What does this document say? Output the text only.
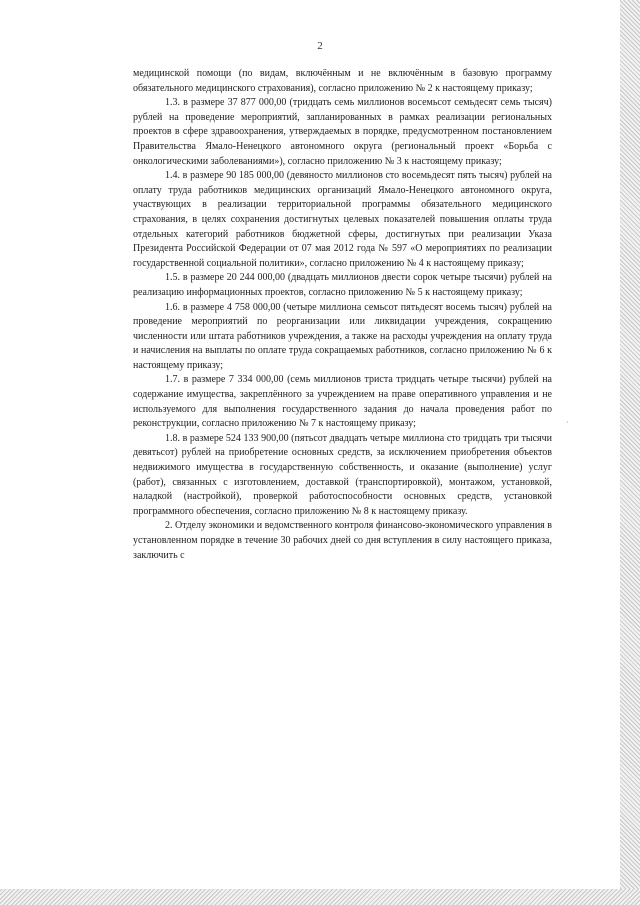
2

медицинской помощи (по видам, включённым и не включённым в базовую программу обязательного медицинского страхования), согласно приложению № 2 к настоящему приказу;

1.3. в размере 37 877 000,00 (тридцать семь миллионов восемьсот семьдесят семь тысяч) рублей на проведение мероприятий, запланированных в рамках реализации региональных проектов в сфере здравоохранения, утверждаемых в порядке, предусмотренном постановлением Правительства Ямало-Ненецкого автономного округа (региональный проект «Борьба с онкологическими заболеваниями»), согласно приложению № 3 к настоящему приказу;

1.4. в размере 90 185 000,00 (девяносто миллионов сто восемьдесят пять тысяч) рублей на оплату труда работников медицинских организаций Ямало-Ненецкого автономного округа, участвующих в реализации территориальной программы обязательного медицинского страхования, в целях сохранения достигнутых целевых показателей повышения оплаты труда отдельных категорий работников бюджетной сферы, достигнутых при реализации Указа Президента Российской Федерации от 07 мая 2012 года № 597 «О мероприятиях по реализации государственной социальной политики», согласно приложению № 4 к настоящему приказу;

1.5. в размере 20 244 000,00 (двадцать миллионов двести сорок четыре тысячи) рублей на реализацию информационных проектов, согласно приложению № 5 к настоящему приказу;

1.6. в размере 4 758 000,00 (четыре миллиона семьсот пятьдесят восемь тысяч) рублей на проведение мероприятий по реорганизации или ликвидации учреждения, сокращению численности или штата работников учреждения, а также на расходы учреждения на оплату труда и начисления на выплаты по оплате труда сокращаемых работников, согласно приложению № 6 к настоящему приказу;

1.7. в размере 7 334 000,00 (семь миллионов триста тридцать четыре тысячи) рублей на содержание имущества, закреплённого за учреждением на праве оперативного управления и не используемого для выполнения государственного задания до начала проведения работ по реконструкции, согласно приложению № 7 к настоящему приказу;

1.8. в размере 524 133 900,00 (пятьсот двадцать четыре миллиона сто тридцать три тысячи девятьсот) рублей на приобретение основных средств, за исключением приобретения объектов недвижимого имущества в государственную собственность, и оказание (выполнение) услуг (работ), связанных с изготовлением, доставкой (транспортировкой), монтажом, установкой, наладкой (настройкой), проверкой работоспособности основных средств, установкой программного обеспечения, согласно приложению № 8 к настоящему приказу.

2. Отделу экономики и ведомственного контроля финансово-экономического управления в установленном порядке в течение 30 рабочих дней со дня вступления в силу настоящего приказа, заключить с

·
